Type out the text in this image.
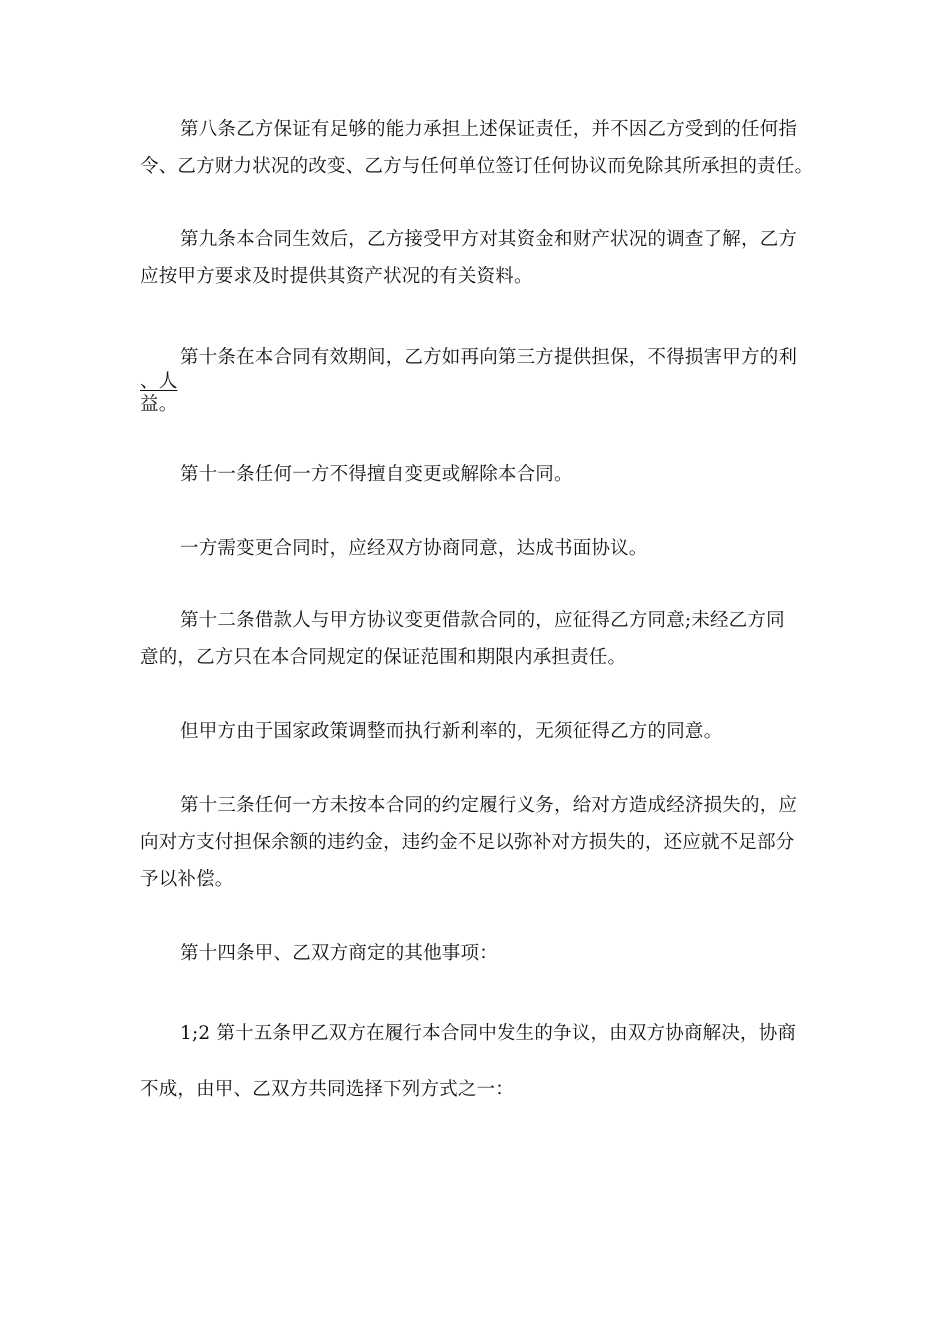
第八条乙方保证有足够的能力承担上述保证责任，并不因乙方受到的任何指
令、乙方财力状况的改变、乙方与任何单位签订任何协议而免除其所承担的责任。
第九条本合同生效后，乙方接受甲方对其资金和财产状况的调查了解，乙方
应按甲方要求及时提供其资产状况的有关资料。
第十条在本合同有效期间，乙方如再向第三方提供担保，不得损害甲方的利
、人
益。
第十一条任何一方不得擅自变更或解除本合同。
一方需变更合同时，应经双方协商同意，达成书面协议。
第十二条借款人与甲方协议变更借款合同的，应征得乙方同意;未经乙方同
意的，乙方只在本合同规定的保证范围和期限内承担责任。
但甲方由于国家政策调整而执行新利率的，无须征得乙方的同意。
第十三条任何一方未按本合同的约定履行义务，给对方造成经济损失的，应
向对方支付担保余额的违约金，违约金不足以弥补对方损失的，还应就不足部分
予以补偿。
第十四条甲、乙双方商定的其他事项：
1;2 第十五条甲乙双方在履行本合同中发生的争议，由双方协商解决，协商
不成，由甲、乙双方共同选择下列方式之一：
